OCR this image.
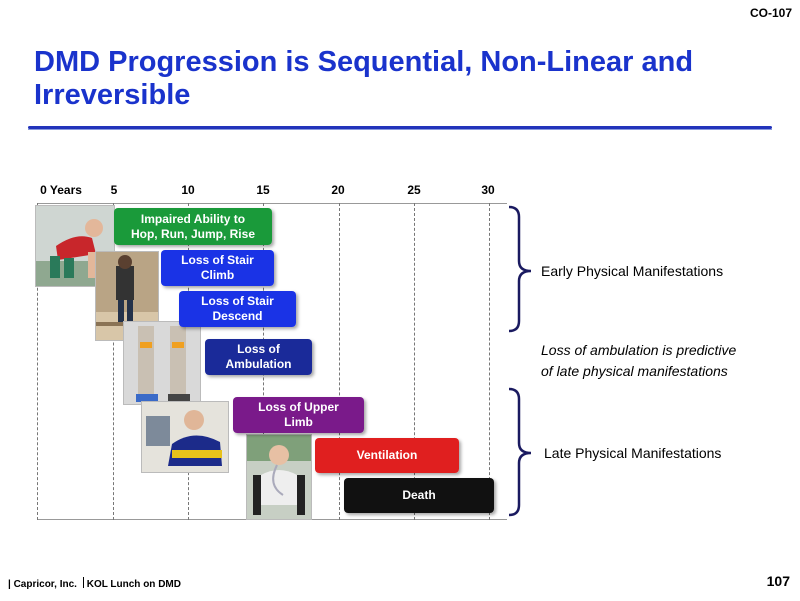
CO-107
DMD Progression is Sequential, Non-Linear and Irreversible
0 Years 5	10	15	20	25	30
Impaired Ability to
Hop, Run, Jump, Rise
Loss of Stair
Climb
Loss of Stair
Descend
Loss of
Ambulation
Loss of Upper
Limb
Ventilation
Death
Early Physical Manifestations
Loss of ambulation is predictive
of late physical manifestations
Late Physical Manifestations
| Capricor, Inc. KOL Lunch on DMD	107
